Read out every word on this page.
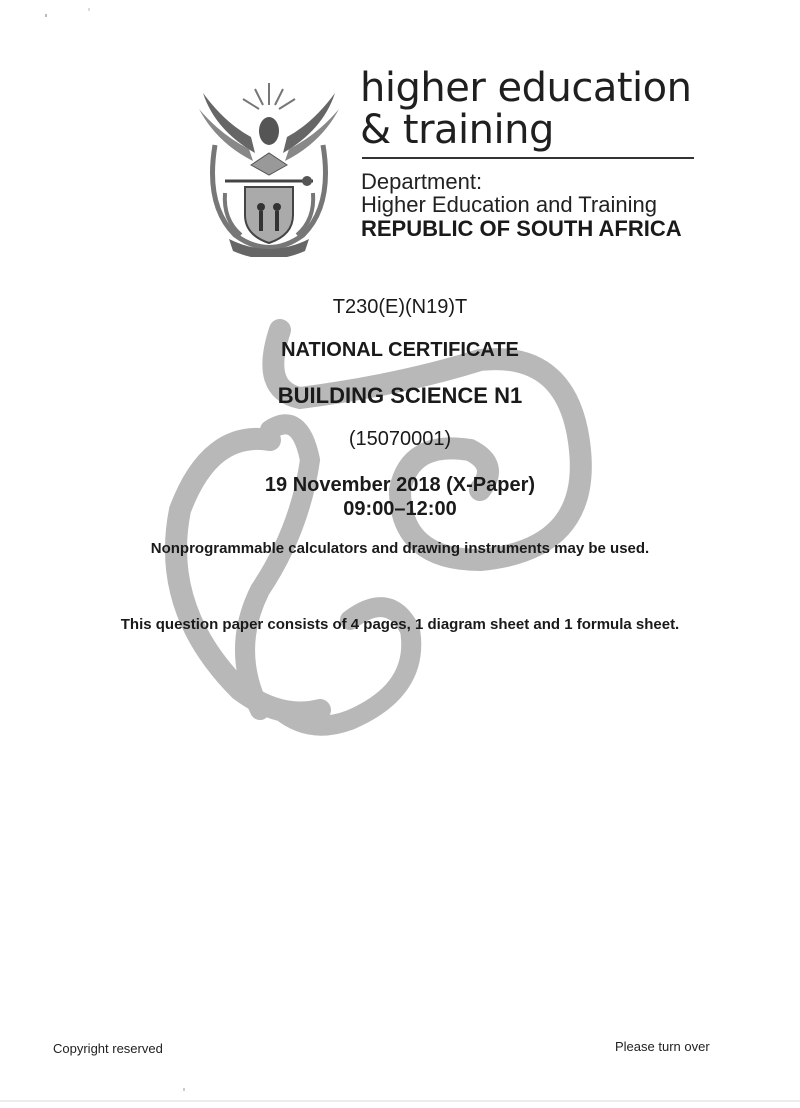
higher education
& training
Department:
Higher Education and Training
REPUBLIC OF SOUTH AFRICA
T230(E)(N19)T
NATIONAL CERTIFICATE
BUILDING SCIENCE N1
(15070001)
19 November 2018 (X-Paper)
09:00–12:00
Nonprogrammable calculators and drawing instruments may be used.
This question paper consists of 4 pages, 1 diagram sheet and 1 formula sheet.
Copyright reserved	Please turn over
